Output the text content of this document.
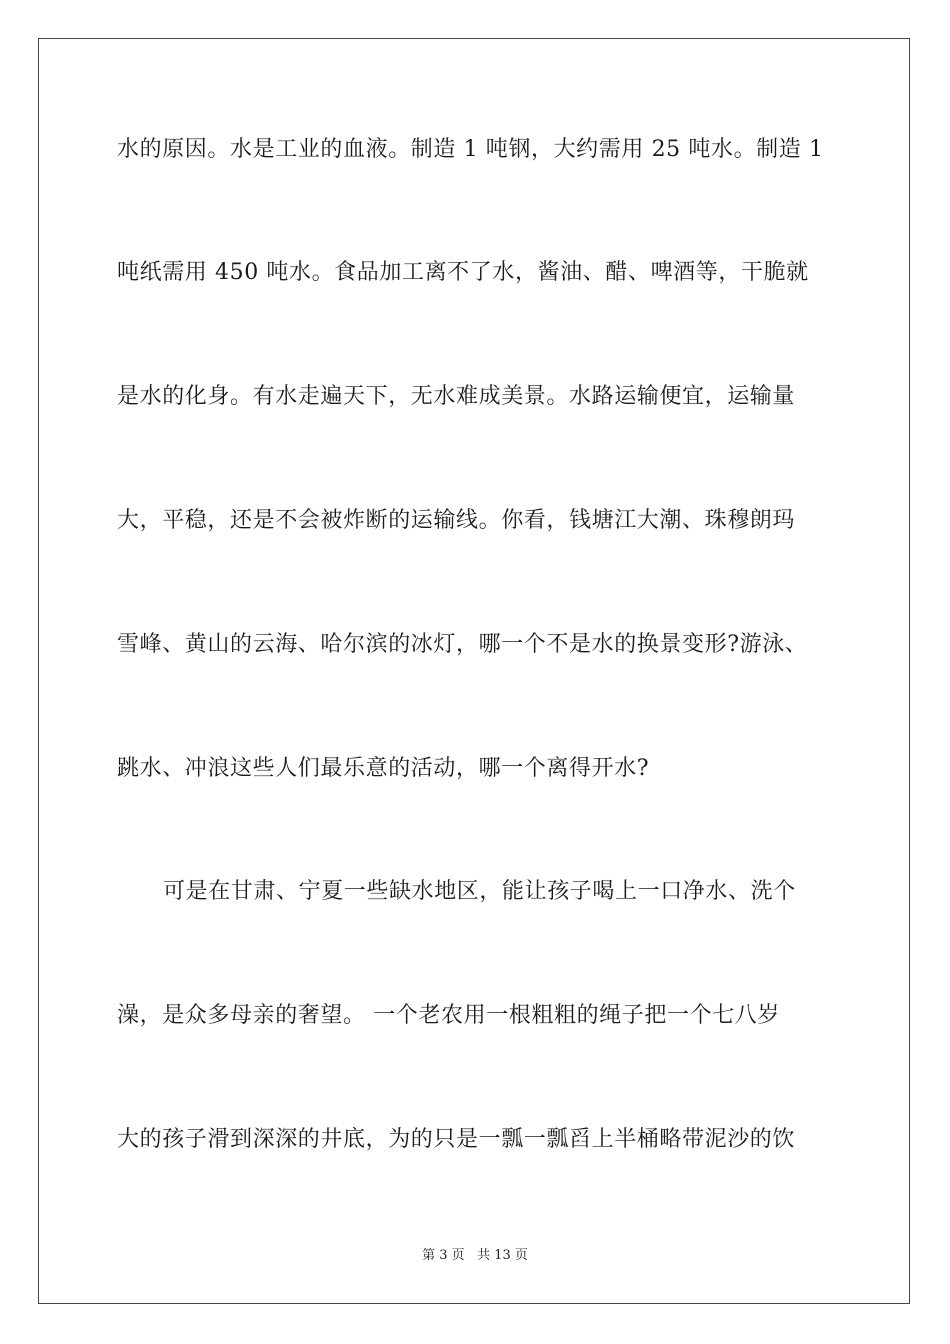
水的原因。水是工业的血液。制造 1 吨钢，大约需用 25 吨水。制造 1
吨纸需用 450 吨水。食品加工离不了水，酱油、醋、啤酒等，干脆就
是水的化身。有水走遍天下，无水难成美景。水路运输便宜，运输量
大，平稳，还是不会被炸断的运输线。你看，钱塘江大潮、珠穆朗玛
雪峰、黄山的云海、哈尔滨的冰灯，哪一个不是水的换景变形?游泳、
跳水、冲浪这些人们最乐意的活动，哪一个离得开水?
可是在甘肃、宁夏一些缺水地区，能让孩子喝上一口净水、洗个
澡，是众多母亲的奢望。 一个老农用一根粗粗的绳子把一个七八岁
大的孩子滑到深深的井底，为的只是一瓢一瓢舀上半桶略带泥沙的饮
第 3 页 共 13 页
